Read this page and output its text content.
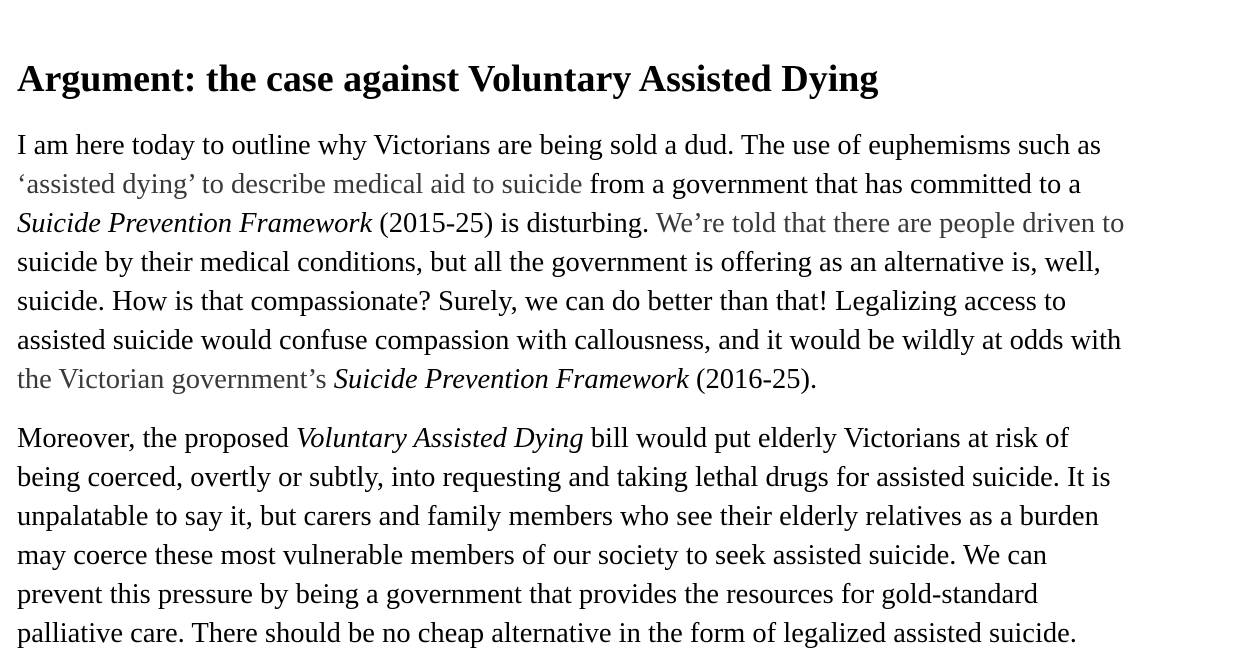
Argument: the case against Voluntary Assisted Dying
I am here today to outline why Victorians are being sold a dud. The use of euphemisms such as
‘assisted dying’ to describe medical aid to suicide from a government that has committed to a
Suicide Prevention Framework (2015-25) is disturbing. We’re told that there are people driven to
suicide by their medical conditions, but all the government is offering as an alternative is, well,
suicide. How is that compassionate? Surely, we can do better than that! Legalizing access to
assisted suicide would confuse compassion with callousness, and it would be wildly at odds with
the Victorian government’s Suicide Prevention Framework (2016-25).
Moreover, the proposed Voluntary Assisted Dying bill would put elderly Victorians at risk of
being coerced, overtly or subtly, into requesting and taking lethal drugs for assisted suicide. It is
unpalatable to say it, but carers and family members who see their elderly relatives as a burden
may coerce these most vulnerable members of our society to seek assisted suicide. We can
prevent this pressure by being a government that provides the resources for gold-standard
palliative care. There should be no cheap alternative in the form of legalized assisted suicide.
